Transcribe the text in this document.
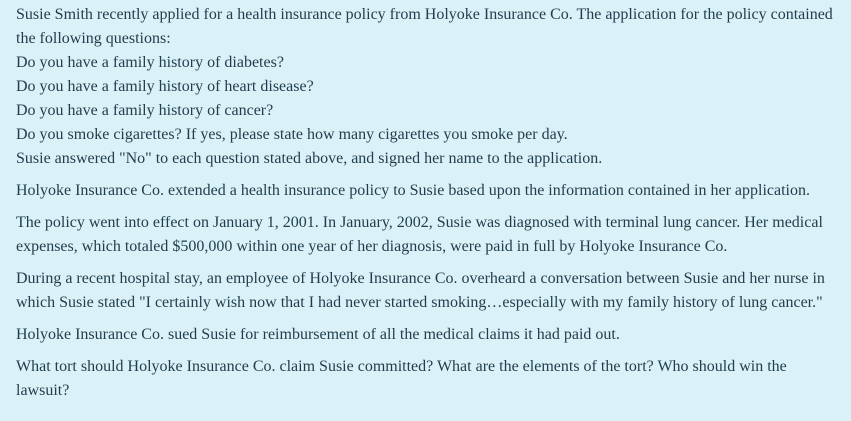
Susie Smith recently applied for a health insurance policy from Holyoke Insurance Co. The application for the policy contained the following questions:
Do you have a family history of diabetes?
Do you have a family history of heart disease?
Do you have a family history of cancer?
Do you smoke cigarettes? If yes, please state how many cigarettes you smoke per day.
Susie answered "No" to each question stated above, and signed her name to the application.

Holyoke Insurance Co. extended a health insurance policy to Susie based upon the information contained in her application.

The policy went into effect on January 1, 2001. In January, 2002, Susie was diagnosed with terminal lung cancer. Her medical expenses, which totaled $500,000 within one year of her diagnosis, were paid in full by Holyoke Insurance Co.

During a recent hospital stay, an employee of Holyoke Insurance Co. overheard a conversation between Susie and her nurse in which Susie stated "I certainly wish now that I had never started smoking…especially with my family history of lung cancer."

Holyoke Insurance Co. sued Susie for reimbursement of all the medical claims it had paid out.

What tort should Holyoke Insurance Co. claim Susie committed? What are the elements of the tort? Who should win the lawsuit?
